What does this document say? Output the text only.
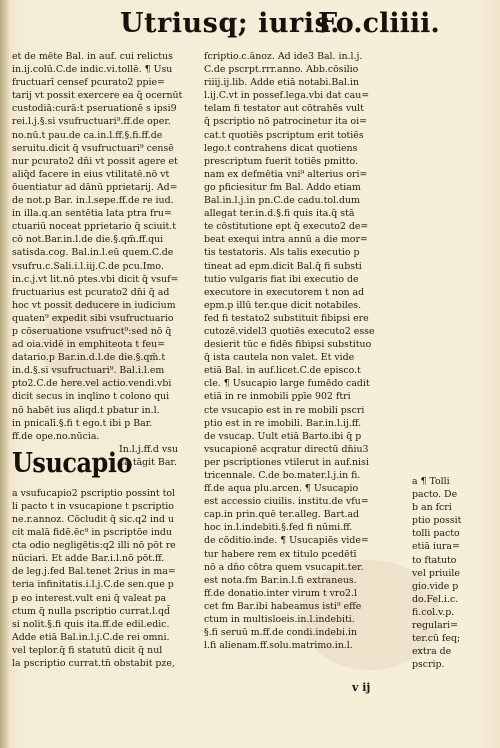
Utriusq; iuris.
Fo.cliiii.
et de mēte Bal. in auf. cui relictus
in.ij.colū.C.de indic.vi.tollē. ¶ Usu
fructuarī censef pcurato2 ppie=
tarij vt possit exercere ea q̄ ocernūt
custodiā:curā:t pseruationē s ipsi9
rei.l.j.§.si vsufructuari⁹.ff.de oper.
no.nū.t pau.de ca.in.l.ff.§.fi.ff.de
seruitu.dicit q̄ vsufructuari⁹ censē
nur pcurato2 dn̄i vt possit agere et
aliq̄d facere in eius vtilitatē.nō vt
ōuentiatur ad dānū pprietarij. Ad=
de not.p Bar. in.l.sepe.ff.de re iud.
in illa.q.an sentētia lata ptra fru=
ctuariū noceat pprietario q̄ sciuit.t
cō not.Bar.in.l.de die.§.qm̄.ff.qui
satisda.cog. Bal.in.l.eū quem.C.de
vsufru.c.Sali.i.l.iij.C.de pcu.Imo.
in.c.j.vt lit.nō ptes.vbi dicit q̄ vsuf=
fructuarius est pcurato2 dn̄i q̄ ad
hoc vt possit deducere in iudicium
quaten⁹ expedit sibi vsufructuario
p cōseruatione vsufruct⁹:sed nō q̄
ad oia.vidē in emphiteota t feu=
datario.p Bar.in.d.l.de die.§.qm̄.t
in.d.§.si vsufructuari⁹. Bal.i.l.em
pto2.C.de here.vel actio.vendi.vbi
dicit secus in inqlino t colono qui
nō habēt ius aliqd.t pbatur in.l.
in pnicalī.§.fi t ego.t ibi p Bar.
ff.de ope.no.nūcia.
Usucapio
In.l.j.ff.d vsu
ca.tāgit Bar.
a vsufucapio2 pscriptio possint tol
li pacto t in vsucapione t pscriptio
ne.r.annoz. Cōcludit q̄ sic.q2 ind u
cit malā fidē.ēc⁹ in pscriptōe indu
cta odio negligētis:q2 illi nō pōt re
nūciari. Et adde Bar.i.l.nō pōt.ff.
de leg.j.fed Bal.tenet 2rius in ma=
teria infinitatis.i.l.j.C.de sen.que p
p eo interest.vult eni q̄ valeat pa
ctum q̄ nulla pscriptio currat.l.qd̄
si nolit.§.fi quis ita.ff.de edil.edic.
Adde etiā Bal.in.l.j.C.de rei omni.
vel teplor.q̄ fi statutū dicit q̄ nul
la pscriptio currat.tn̄ obstabit pze,
fcriptio.c.ānoz. Ad ide3 Bal. in.l.j.
C.de pscrpt.rrr.anno. Abb.cōsilio
riiij.ij.lib. Adde etiā notabi.Bal.in
l.ij.C.vt in possef.lega.vbi dat cau=
telam fi testator aut cōtrahēs vult
q̄ pscriptio nō patrocinetur ita oi=
cat.t quotiēs pscriptum erit totiēs
lego.t contrahens dicat quotiens
prescriptum fuerit totiēs pmitto.
nam ex defmētia vni⁹ alterius ori=
go pficiesitur fm Bal. Addo etiam
Bal.in.l.j.in pn.C.de cadu.tol.dum
allegat ter.in.d.§.fi quis ita.q̄ stā
te cōstitutione ept q̄ executo2 de=
beat exequi intra annū a die mor=
tis testatoris. Als talis executio p
tineat ad epm.dicit Bal.q̄ fi substi
tutio vulgaris fiat ibi executio de
executore in executorem t non ad
epm.p illū ter.que dicit notabiles.
fed fi testato2 substituit fibipsi ere
cutozē.videl3 quotiēs executo2 esse
desierit tūc e fidēs fibipsi substituo
q̄ ista cautela non valet. Et vide
etiā Bal. in auf.licet.C.de episco.t
cle. ¶ Usucapio large fumēdo cadit
etiā in re inmobili ppīe 902 ftri
cte vsucapio est in re mobili pscri
ptio est in re imobili. Bar.in.l.ij.ff.
de vsucap. Uult etiā Barto.ibi q̄ p
vsucapionē acqratur directū dn̄iu3
per pscriptiones vtilerut in auf.nisi
tricennale. C.de bo.mater.l.j.in fi.
ff.de aqua plu.arcen. ¶ Usucapio
est accessio ciuilis. institu.de vfu=
cap.in prin.quē ter.alleg. Bart.ad
hoc in.l.indebiti.§.fed fi nūmi.ff.
de cōditio.inde. ¶ Usucapiēs vide=
tur habere rem ex titulo pcedētī
nō a dn̄o cōtra quem vsucapit.ter.
est nota.fm Bar.in.l.fi extraneus.
ff.de donatio.inter virum t vro2.l
cet fm Bar.ibi habeamus isti⁹ effe
ctum in multisloeis.in.l.indebiti.
§.fi seruū m.ff.de condi.indebi.in
l.fi alienam.ff.solu.matrimo.in.l.
a ¶ Tolli
pacto. De
b an fcri
ptio possit
tolli pacto
etiā iura=
to ftatuto
vel priuile
gio.vide p
do.Fel.i.c.
fi.col.v.p.
regulari=
ter.cū feq;
extra de
pscrip.
v ij
